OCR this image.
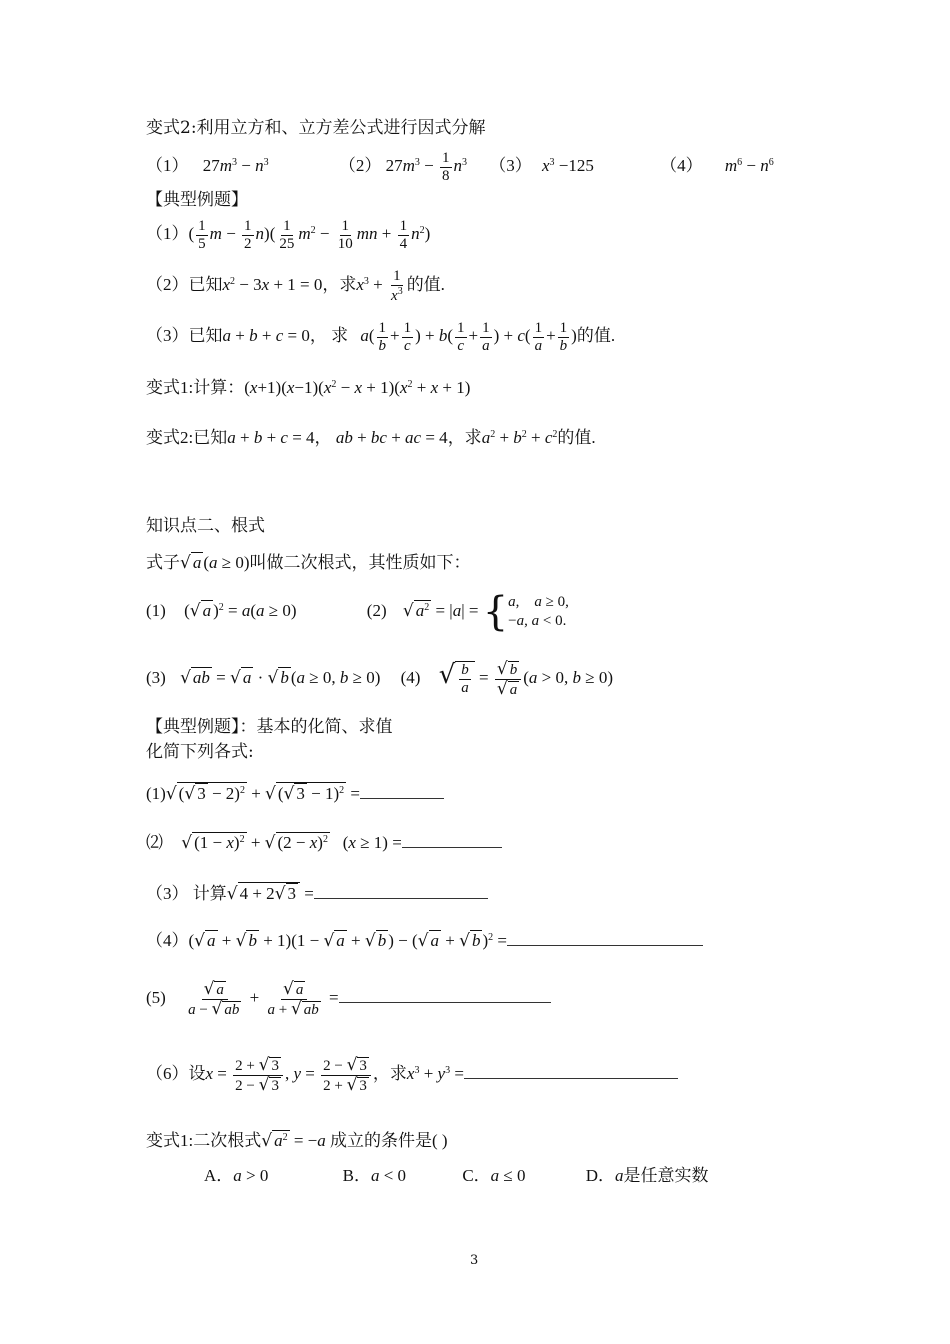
变式2:利用立方和、立方差公式进行因式分解
（1） $27m^3 - n^3$	（2） $27m^3 - \frac{1}{8} n^3$ （3） $x^3 -125$	（4） $m^6 - n^6$
【典型例题】
$(1)( \frac{1}{5}$ $m - \frac{1}{2} n)( \frac{1}{25} m^2 - \frac{1}{10}$ mn + $\frac{1}{4} n^2$)
（2）已知$x^2 - 3x + 1 = 0$，求$x^3 + \frac{1}{x^3}$ 的值.
（3）已知a + b + c = 0， 求 $a( \frac{1}{b} + \frac{1}{c}$ ) + $b( \frac{1}{c} + \frac{1}{a}$ ) + $c( \frac{1}{a} + \frac{1}{b}$ )的值.
变式1:计算：$(x+1)(x-1)(x^2 - x + 1)(x^2 + x + 1)$
变式2:已知a + b + c = 4， ab + bc + ac = 4，求$a^2 + b^2 + c^2$的值.
知识点二、根式
式子√ a (a ≥ 0)叫做二次根式，其性质如下：
(1) (√ a )$^2$ = a(a ≥ 0)	(2) √ $a^2 = |a|$ = { a,    a ≥ 0,
−a, a < 0.
(3) √ ab = √ a · √ b (a ≥ 0, b ≥ 0) (4) √ $\frac{b}{a} = \frac{√ b}{√ a} (a > 0$, b ≥ 0)
【典型例题】：基本的化简、求值
化简下列各式:
(1)√ (√ 3 − 2)$^2$ + √ (√ 3 − 1)$^2$ =
⑵ √ $(1 - x)^2$ + √ $(2 - x)^2$   (x ≥ 1) =
（3） 计算√ 4 + 2√ 3 =
（4）(√ a + √ b + 1)(1 − √ a + √ b ) − (√ a + √ b )$^2$ =
$(5) \frac{√ a}{a - √ ab} + \frac{√ a}{a + √ ab}$ =
（6）设$x = \frac{2 + √ 3}{2 - √ 3}$ , $y = \frac{2 - √ 3}{2 + √ 3}$ ，求$x^3 + y^3$ =
变式1:二次根式√ $a^2 = -a$ 成立的条件是( )
A．a > 0	B．a < 0	C．a ≤ 0	D．a是任意实数
3
